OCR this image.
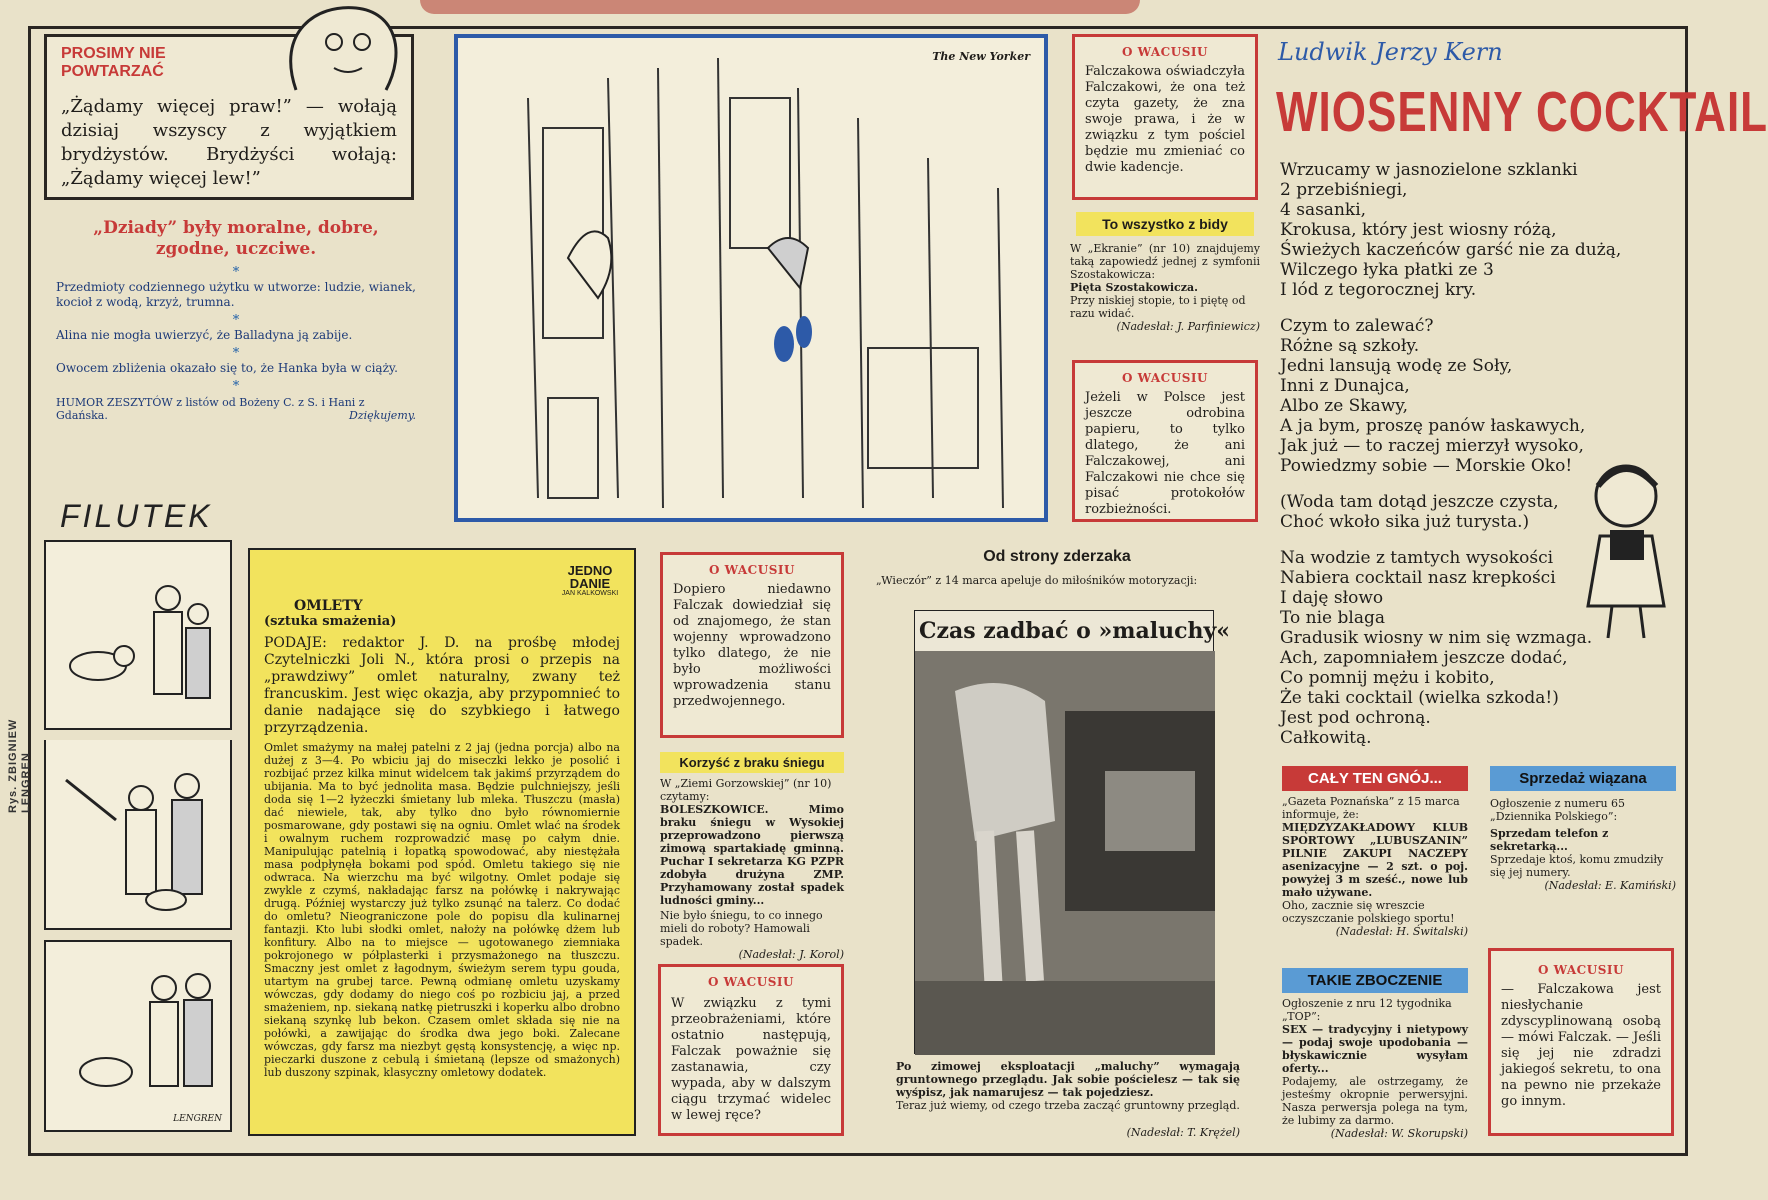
Rys. ZBIGNIEW LENGREN
PROSIMY NIE POWTARZAĆ

„Żądamy więcej praw!” — wołają dzisiaj wszyscy z wyjątkiem brydżystów. Brydżyści wołają: „Żądamy więcej lew!”

„Dziady” były moralne, dobre, zgodne, uczciwe.

*

Przedmioty codziennego użytku w utworze: ludzie, wianek, kocioł z wodą, krzyż, trumna.

*

Alina nie mogła uwierzyć, że Balladyna ją zabije.

*

Owocem zbliżenia okazało się to, że Hanka była w ciąży.

*

HUMOR ZESZYTÓW z listów od Bożeny C. z S. i Hani z Gdańska.	Dziękujemy.

The New Yorker	O WACUSIU

Falczakowa oświadczyła Falczakowi, że ona też czyta gazety, że zna swoje prawa, i że w związku z tym pościel będzie mu zmieniać co dwie kadencje.

To wszystko z bidy

W „Ekranie” (nr 10) znajdujemy taką zapowiedź jednej z symfonii Szostakowicza:

Pięta Szostakowicza.

Przy niskiej stopie, to i piętę od razu widać.

(Nadesłał: J. Parfiniewicz)

O WACUSIU

Jeżeli w Polsce jest jeszcze odrobina papieru, to tylko dlatego, że ani Falczakowej, ani Falczakowi nie chce się pisać protokołów rozbieżności.

Ludwik Jerzy Kern
WIOSENNY COCKTAIL

Wrzucamy w jasnozielone szklanki

2 przebiśniegi,

4 sasanki,

Krokusa, który jest wiosny różą,

Świeżych kaczeńców garść nie za dużą,

Wilczego łyka płatki ze 3

I lód z tegorocznej kry.

Czym to zalewać?

Różne są szkoły.

Jedni lansują wodę ze Soły,

Inni z Dunajca,

Albo ze Skawy,

A ja bym, proszę panów łaskawych,

Jak już — to raczej mierzył wysoko,

Powiedzmy sobie — Morskie Oko!

(Woda tam dotąd jeszcze czysta,

Choć wkoło sika już turysta.)

Na wodzie z tamtych wysokości

Nabiera cocktail nasz krepkości

I daję słowo

To nie blaga

Gradusik wiosny w nim się wzmaga.

Ach, zapomniałem jeszcze dodać,

Co pomnij mężu i kobito,

Że taki cocktail (wielka szkoda!)

Jest pod ochroną.

Całkowitą.

FILUTEK
LENGREN
JEDNO DANIE
JAN KALKOWSKI

OMLETY

(sztuka smażenia)

PODAJE: redaktor J. D. na prośbę młodej Czytelniczki Joli N., która prosi o przepis na „prawdziwy” omlet naturalny, zwany też francuskim. Jest więc okazja, aby przypomnieć to danie nadające się do szybkiego i łatwego przyrządzenia.

Omlet smażymy na małej patelni z 2 jaj (jedna porcja) albo na dużej z 3—4. Po wbiciu jaj do miseczki lekko je posolić i rozbijać przez kilka minut widelcem tak jakimś przyrządem do ubijania. Ma to być jednolita masa. Będzie pulchniejszy, jeśli doda się 1—2 łyżeczki śmietany lub mleka. Tłuszczu (masła) dać niewiele, tak, aby tylko dno było równomiernie posmarowane, gdy postawi się na ogniu. Omlet wlać na środek i owalnym ruchem rozprowadzić masę po całym dnie. Manipulując patelnią i łopatką spowodować, aby niestężała masa podpłynęła bokami pod spód. Omletu takiego się nie odwraca. Na wierzchu ma być wilgotny. Omlet podaje się zwykle z czymś, nakładając farsz na połówkę i nakrywając drugą. Później wystarczy już tylko zsunąć na talerz. Co dodać do omletu? Nieograniczone pole do popisu dla kulinarnej fantazji. Kto lubi słodki omlet, nałoży na połówkę dżem lub konfitury. Albo na to miejsce — ugotowanego ziemniaka pokrojonego w półplasterki i przysmażonego na tłuszczu. Smaczny jest omlet z łagodnym, świeżym serem typu gouda, utartym na grubej tarce. Pewną odmianę omletu uzyskamy wówczas, gdy dodamy do niego coś po rozbiciu jaj, a przed smażeniem, np. siekaną natkę pietruszki i koperku albo drobno siekaną szynkę lub bekon. Czasem omlet składa się nie na połówki, a zawijając do środka dwa jego boki. Zalecane wówczas, gdy farsz ma niezbyt gęstą konsystencję, a więc np. pieczarki duszone z cebulą i śmietaną (lepsze od smażonych) lub duszony szpinak, klasyczny omletowy dodatek.

O WACUSIU

Dopiero niedawno Falczak dowiedział się od znajomego, że stan wojenny wprowadzono tylko dlatego, że nie było możliwości wprowadzenia stanu przedwojennego.

Korzyść z braku śniegu

W „Ziemi Gorzowskiej” (nr 10) czytamy:

BOLESZKOWICE. Mimo braku śniegu w Wysokiej przeprowadzono pierwszą zimową spartakiadę gminną. Puchar I sekretarza KG PZPR zdobyła drużyna ZMP. Przyhamowany został spadek ludności gminy...

Nie było śniegu, to co innego mieli do roboty? Hamowali spadek.

(Nadesłał: J. Korol)

O WACUSIU

W związku z tymi przeobrażeniami, które ostatnio następują, Falczak poważnie się zastanawia, czy wypada, aby w dalszym ciągu trzymać widelec w lewej ręce?

Od strony zderzaka

„Wieczór” z 14 marca apeluje do miłośników motoryzacji:

Czas zadbać o »maluchy«

Po zimowej eksploatacji „maluchy” wymagają gruntownego przeglądu. Jak sobie pościelesz — tak się wyśpisz, jak namarujesz — tak pojedziesz.

Teraz już wiemy, od czego trzeba zacząć gruntowny przegląd.

(Nadesłał: T. Krężel)

CAŁY TEN GNÓJ...

„Gazeta Poznańska” z 15 marca informuje, że:

MIĘDZYZAKŁADOWY KLUB SPORTOWY „LUBUSZANIN” PILNIE ZAKUPI NACZEPY asenizacyjne — 2 szt. o poj. powyżej 3 m sześć., nowe lub mało używane.

Oho, zacznie się wreszcie oczyszczanie polskiego sportu!

(Nadesłał: H. Świtalski)

Sprzedaż wiązana

Ogłoszenie z numeru 65 „Dziennika Polskiego”:

Sprzedam telefon z sekretarką...

Sprzedaje ktoś, komu zmudziły się jej numery.

(Nadesłał: E. Kamiński)

TAKIE ZBOCZENIE

Ogłoszenie z nru 12 tygodnika „TOP”:

SEX — tradycyjny i nietypowy — podaj swoje upodobania — błyskawicznie wysyłam oferty...

Podajemy, ale ostrzegamy, że jesteśmy okropnie perwersyjni. Nasza perwersja polega na tym, że lubimy za darmo.

(Nadesłał: W. Skorupski)

O WACUSIU

— Falczakowa jest niesłychanie zdyscyplinowaną osobą — mówi Falczak. — Jeśli się jej nie zdradzi jakiegoś sekretu, to ona na pewno nie przekaże go innym.
